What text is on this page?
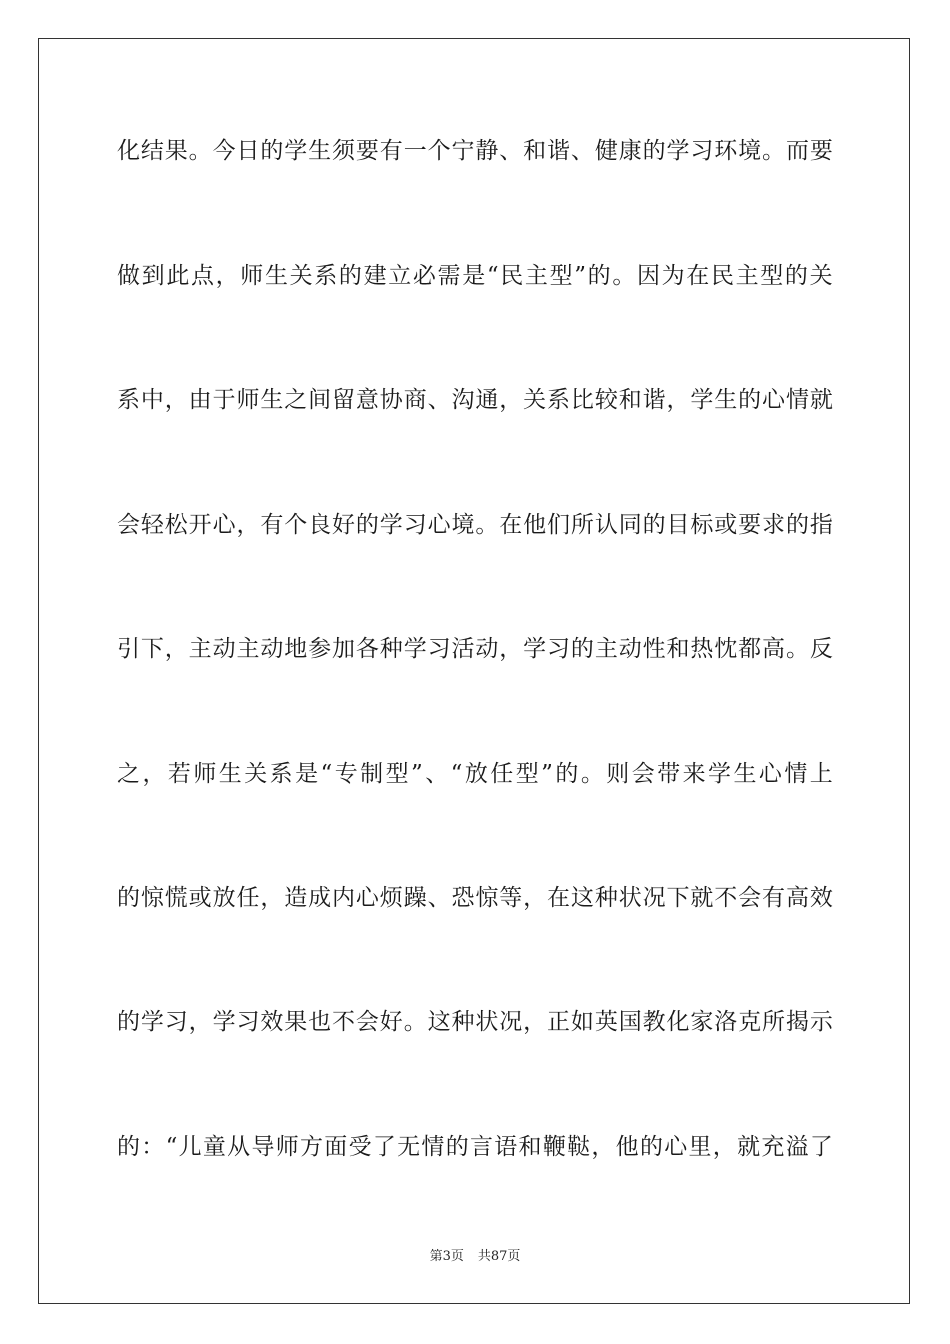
化 结 果 。 今 日 的 学 生 须 要 有 一 个 宁 静 、 和 谐 、 健 康 的 学 习 环 境 。 而 要
做 到 此 点 ， 师 生 关 系 的 建 立 必 需 是 “ 民 主 型 ” 的 。 因 为 在 民 主 型 的 关
系 中 ， 由 于 师 生 之 间 留 意 协 商 、 沟 通 ， 关 系 比 较 和 谐 ， 学 生 的 心 情 就
会 轻 松 开 心 ， 有 个 良 好 的 学 习 心 境 。 在 他 们 所 认 同 的 目 标 或 要 求 的 指
引 下 ， 主 动 主 动 地 参 加 各 种 学 习 活 动 ， 学 习 的 主 动 性 和 热 忱 都 高 。 反
之 ， 若 师 生 关 系 是 “ 专 制 型 ” 、 “ 放 任 型 ” 的 。 则 会 带 来 学 生 心 情 上
的 惊 慌 或 放 任 ， 造 成 内 心 烦 躁 、 恐 惊 等 ， 在 这 种 状 况 下 就 不 会 有 高 效
的 学 习 ， 学 习 效 果 也 不 会 好 。 这 种 状 况 ， 正 如 英 国 教 化 家 洛 克 所 揭 示
的 ： “ 儿 童 从 导 师 方 面 受 了 无 情 的 言 语 和 鞭 鞑 ， 他 的 心 里 ， 就 充 溢 了
第3页 共87页
